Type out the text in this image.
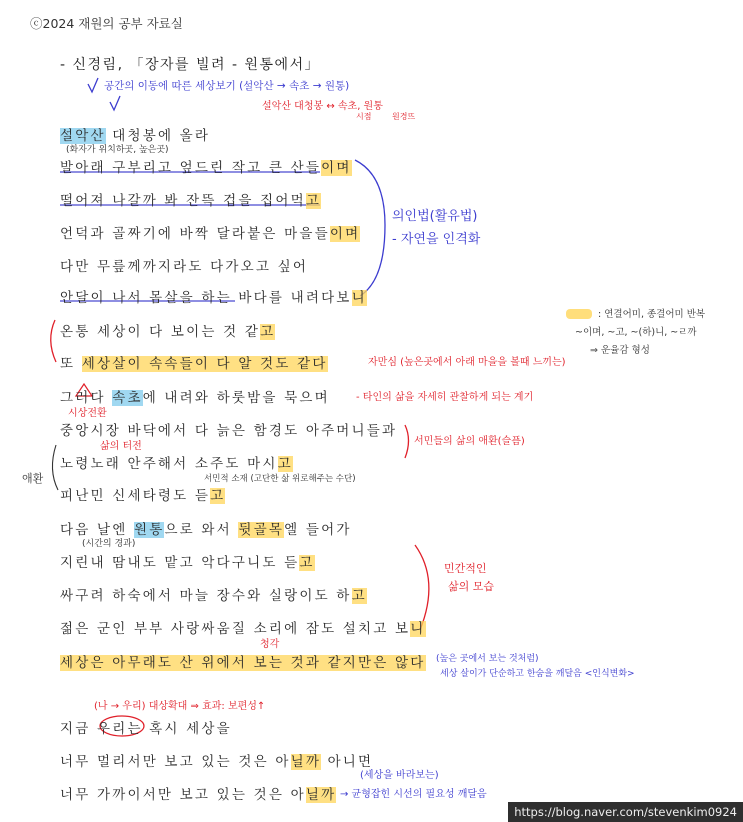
ⓒ2024 재원의 공부 자료실
- 신경림, 「장자를 빌려 - 원통에서」
공간의 이동에 따른 세상보기 (설악산 → 속초 → 원통)
설악산 대청봉 ↔ 속초, 원통
시점	원경뜨
설악산 대청봉에 올라
(화자가 위치하곳, 높은곳)
발아래 구부리고 엎드린 작고 큰 산들이며
떨어져 나갈까 봐 잔뜩 겁을 집어먹고
언덕과 골짜기에 바짝 달라붙은 마을들이며
다만 무릎께까지라도 다가오고 싶어
안달이 나서 몸살을 하는 바다를 내려다보니
의인법(활유법)
- 자연을 인격화
: 연결어미, 종결어미 반복
~이며, ~고, ~(하)니, ~ㄹ까
⇒ 운율감 형성
온통 세상이 다 보이는 것 같고
또 세상살이 속속들이 다 알 것도 같다	자만심 (높은곳에서 아래 마을을 볼때 느끼는)
그러다 속초에 내려와 하룻밤을 묵으며
시상전환
- 타인의 삶을 자세히 관찰하게 되는 계기
중앙시장 바닥에서 다 늙은 함경도 아주머니들과
삶의 터전	서민들의 삶의 애환(슬픔)
애환
노령노래 안주해서 소주도 마시고
서민적 소재 (고단한 삶 위로해주는 수단)
피난민 신세타령도 듣고
다음 날엔 원통으로 와서 뒷골목엘 들어가
(시간의 경과)
지린내 땀내도 맡고 악다구니도 듣고	민간적인
삶의 모습
싸구려 하숙에서 마늘 장수와 실랑이도 하고
젊은 군인 부부 사랑싸움질 소리에 잠도 설치고 보니
청각
세상은 아무래도 산 위에서 보는 것과 같지만은 않다 (높은 곳에서 보는 것처럼)
세상 살이가 단순하고 한숨을 깨달음 <인식변화>
(나 → 우리) 대상확대 ⇒ 효과: 보편성↑
지금 우리는 혹시 세상을
너무 멀리서만 보고 있는 것은 아닐까 아니면
(세상을 바라보는)
너무 가까이서만 보고 있는 것은 아닐까 → 균형잡힌 시선의 필요성 깨달음
https://blog.naver.com/stevenkim0924
